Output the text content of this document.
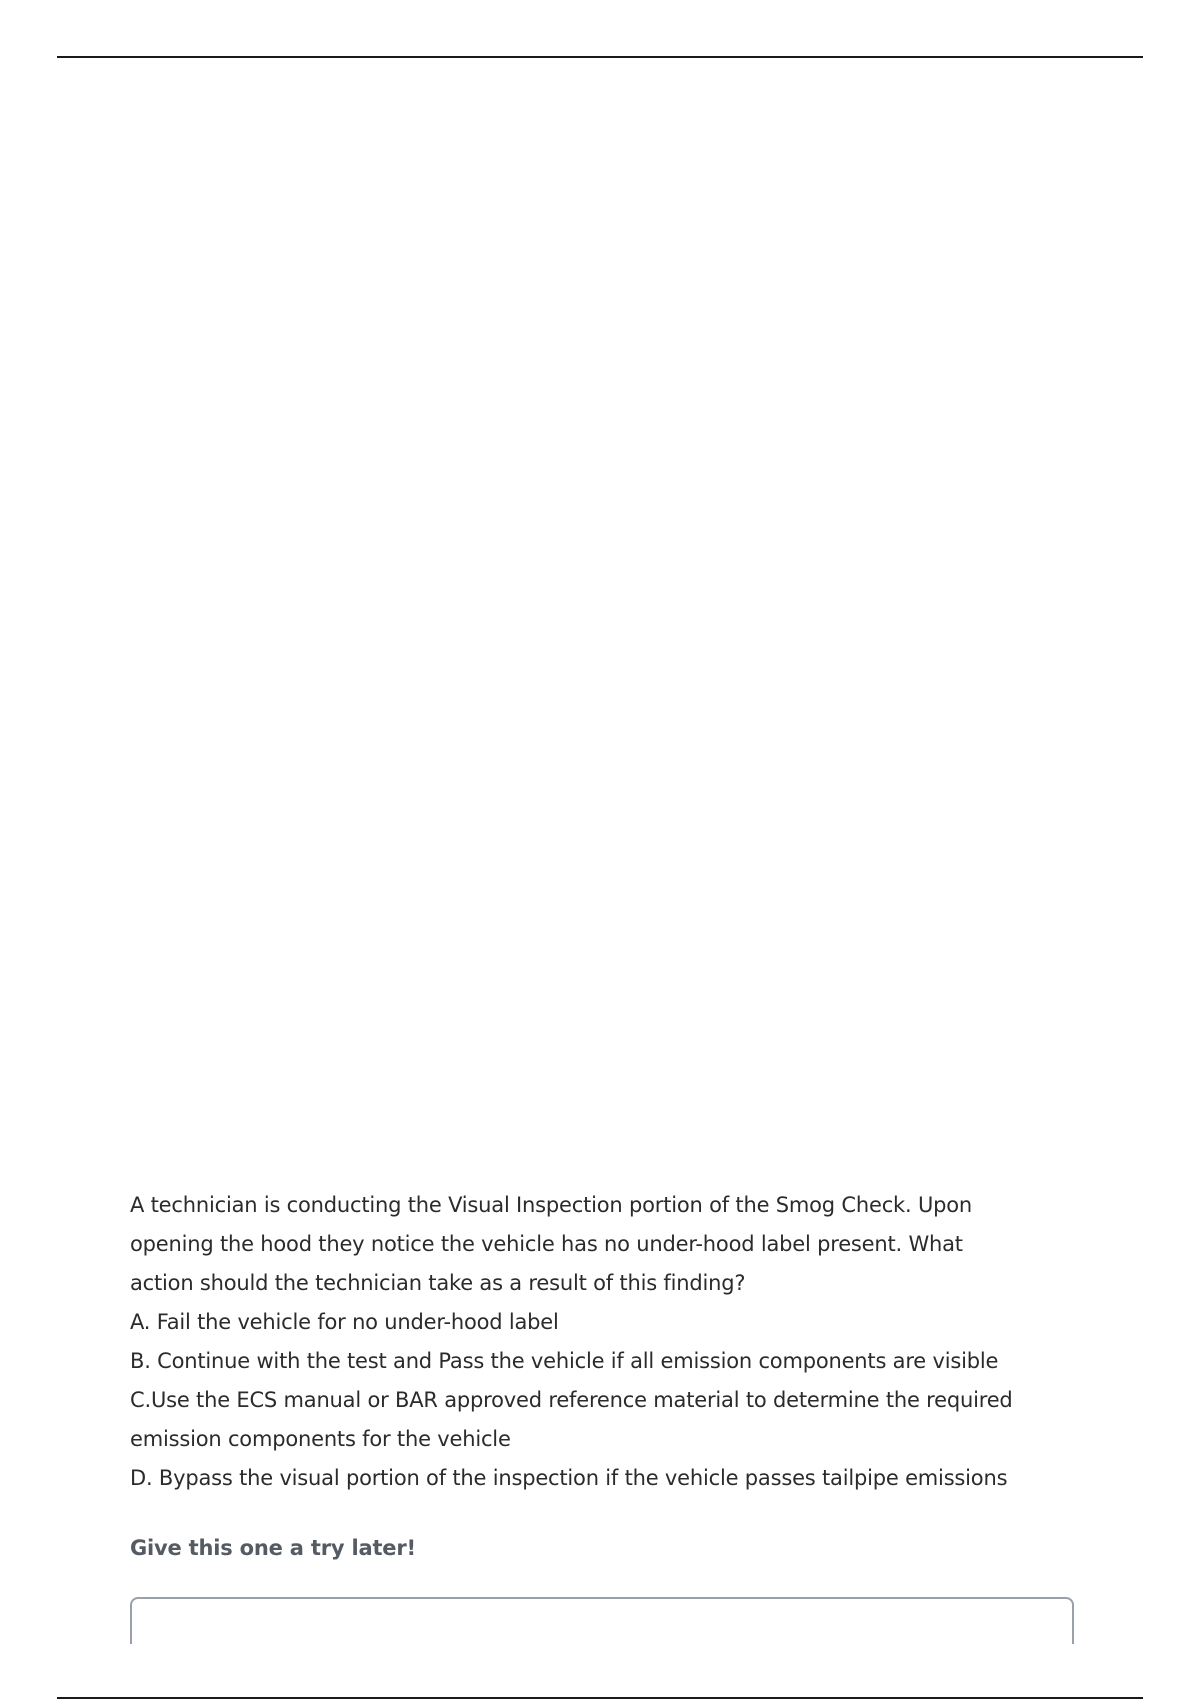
A technician is conducting the Visual Inspection portion of the Smog Check. Upon

opening the hood they notice the vehicle has no under-hood label present. What

action should the technician take as a result of this finding?

A. Fail the vehicle for no under-hood label

B. Continue with the test and Pass the vehicle if all emission components are visible

C.Use the ECS manual or BAR approved reference material to determine the required

emission components for the vehicle

D. Bypass the visual portion of the inspection if the vehicle passes tailpipe emissions

Give this one a try later!
